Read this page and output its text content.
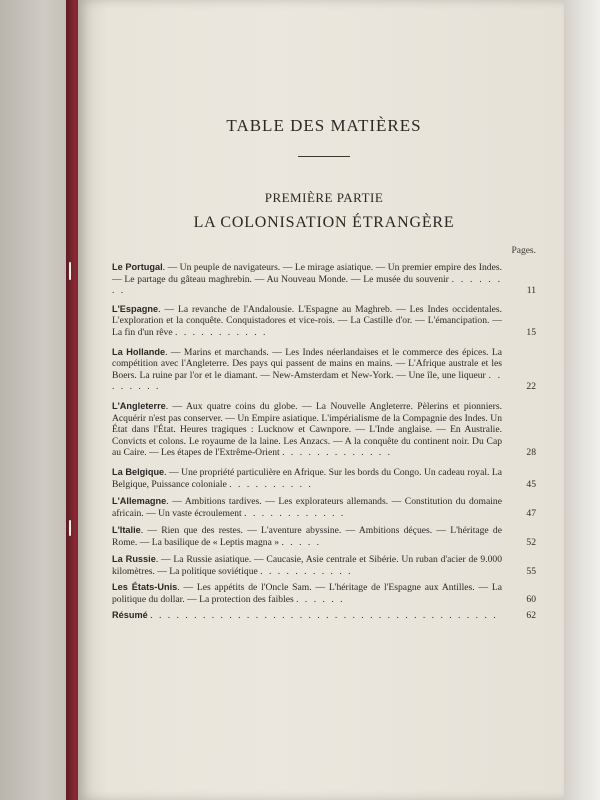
TABLE DES MATIÈRES
PREMIÈRE PARTIE
LA COLONISATION ÉTRANGÈRE
Pages.
Le Portugal. — Un peuple de navigateurs. — Le mirage asiatique. — Un premier empire des Indes. — Le partage du gâteau maghrebin. — Au Nouveau Monde. — Le musée du souvenir . . . . . . . .	11
L'Espagne. — La revanche de l'Andalousie. L'Espagne au Maghreb. — Les Indes occidentales. L'exploration et la conquête. Conquistadores et vice-rois. — La Castille d'or. — L'émancipation. — La fin d'un rêve . . . . . . . . . . .	15
La Hollande. — Marins et marchands. — Les Indes néerlandaises et le commerce des épices. La compétition avec l'Angleterre. Des pays qui passent de mains en mains. — L'Afrique australe et les Boers. La ruine par l'or et le diamant. — New-Amsterdam et New-York. — Une île, une liqueur . . . . . . . .	22
L'Angleterre. — Aux quatre coins du globe. — La Nouvelle Angleterre. Pèlerins et pionniers. Acquérir n'est pas conserver. — Un Empire asiatique. L'impérialisme de la Compagnie des Indes. Un État dans l'État. Heures tragiques : Lucknow et Cawnpore. — L'Inde anglaise. — En Australie. Convicts et colons. Le royaume de la laine. Les Anzacs. — A la conquête du continent noir. Du Cap au Caire. — Les étapes de l'Extrême-Orient . . . . . . . . . . . . .	28
La Belgique. — Une propriété particulière en Afrique. Sur les bords du Congo. Un cadeau royal. La Belgique, Puissance coloniale . . . . . . . . . .	45
L'Allemagne. — Ambitions tardives. — Les explorateurs allemands. — Constitution du domaine africain. — Un vaste écroulement . . . . . . . . . . . .	47
L'Italie. — Rien que des restes. — L'aventure abyssine. — Ambitions déçues. — L'héritage de Rome. — La basilique de « Leptis magna » . . . . .	52
La Russie. — La Russie asiatique. — Caucasie, Asie centrale et Sibérie. Un ruban d'acier de 9.000 kilomètres. — La politique soviétique . . . . . . . . . . .	55
Les États-Unis. — Les appétits de l'Oncle Sam. — L'héritage de l'Espagne aux Antilles. — La politique du dollar. — La protection des faibles . . . . . .	60
Résumé . . . . . . . . . . . . . . . . . . . . . . . . . . . . . . . . . . . . . . . .	62
